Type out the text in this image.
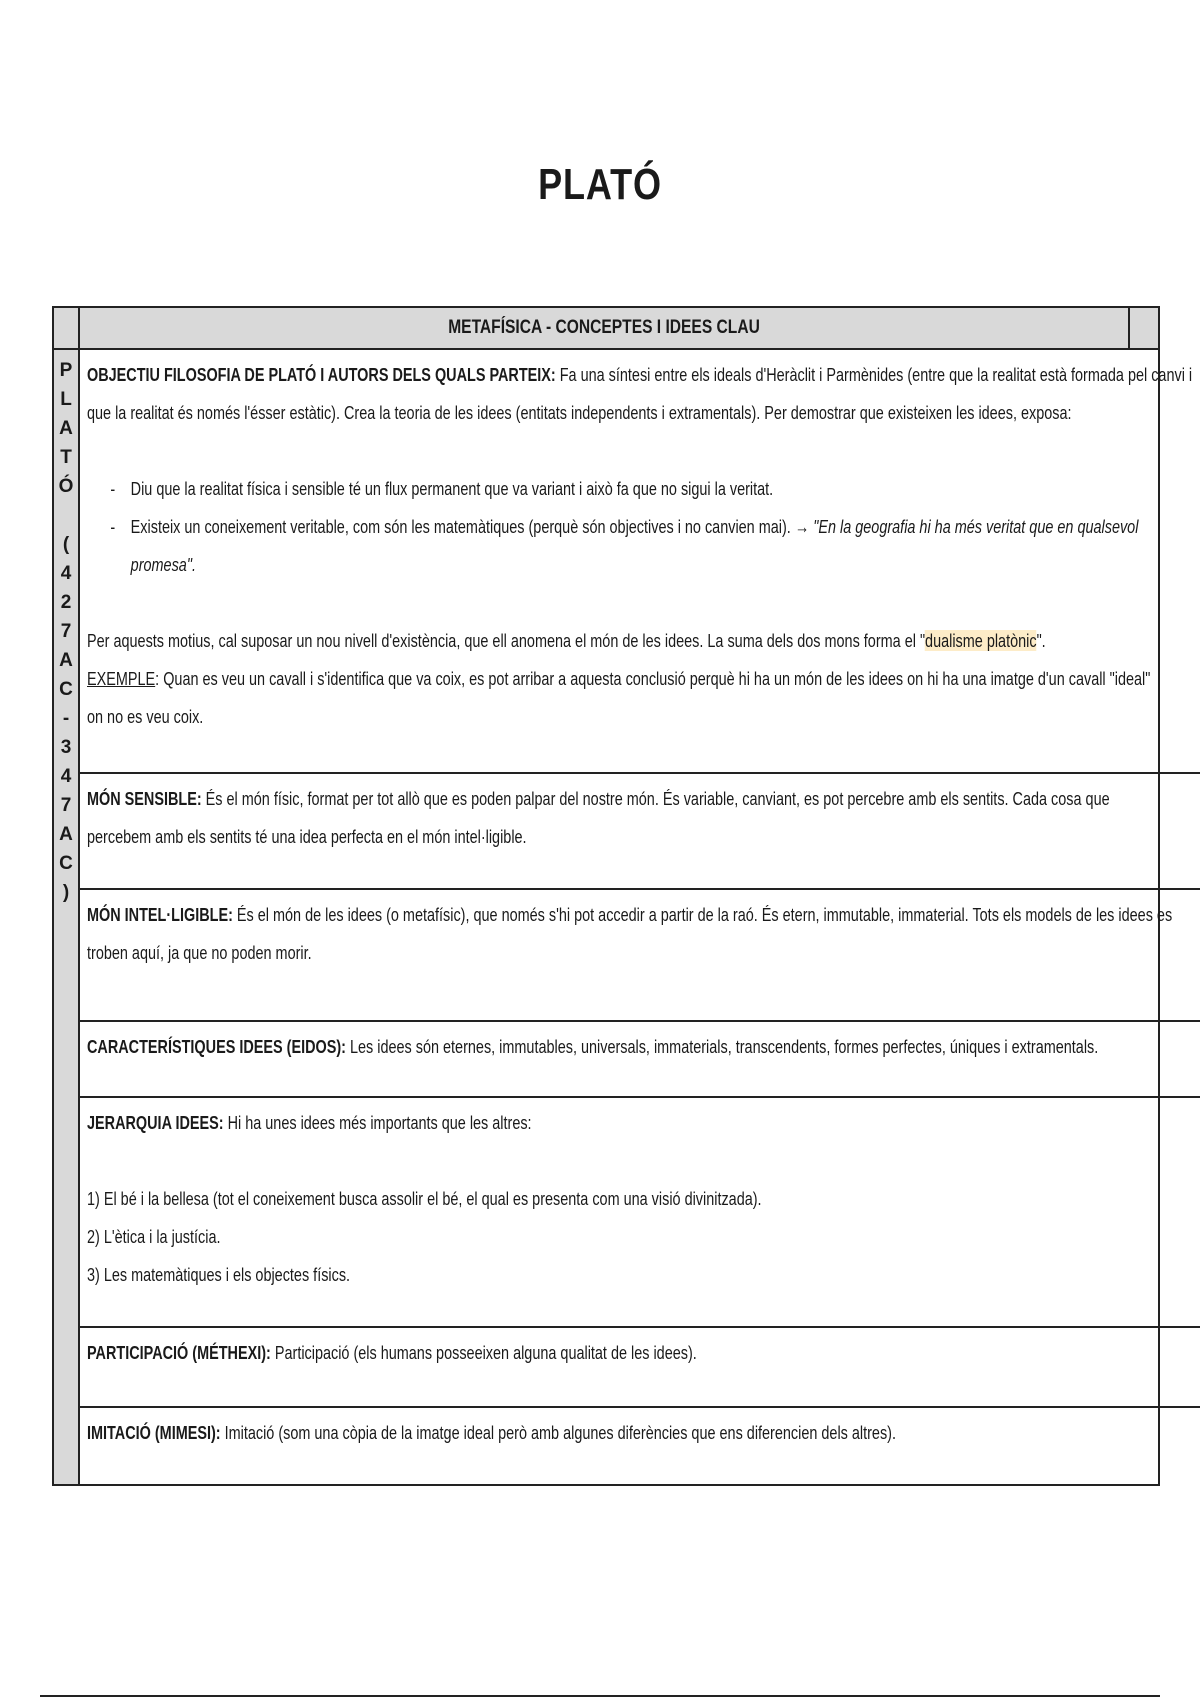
PLATÓ
METAFÍSICA - CONCEPTES I IDEES CLAU
P
L
A
T
Ó
(
4
2
7
A
C
-
3
4
7
A
C
)
OBJECTIU FILOSOFIA DE PLATÓ I AUTORS DELS QUALS PARTEIX: Fa una síntesi entre els ideals d'Heràclit i Parmènides (entre que la realitat està formada pel canvi i
que la realitat és només l'ésser estàtic). Crea la teoria de les idees (entitats independents i extramentals). Per demostrar que existeixen les idees, exposa:
- Diu que la realitat física i sensible té un flux permanent que va variant i això fa que no sigui la veritat.
- Existeix un coneixement veritable, com són les matemàtiques (perquè són objectives i no canvien mai). → "En la geografia hi ha més veritat que en qualsevol
promesa".
Per aquests motius, cal suposar un nou nivell d'existència, que ell anomena el món de les idees. La suma dels dos mons forma el "dualisme platònic".
EXEMPLE: Quan es veu un cavall i s'identifica que va coix, es pot arribar a aquesta conclusió perquè hi ha un món de les idees on hi ha una imatge d'un cavall "ideal"
on no es veu coix.
MÓN SENSIBLE: És el món físic, format per tot allò que es poden palpar del nostre món. És variable, canviant, es pot percebre amb els sentits. Cada cosa que
percebem amb els sentits té una idea perfecta en el món intel·ligible.
MÓN INTEL·LIGIBLE: És el món de les idees (o metafísic), que només s'hi pot accedir a partir de la raó. És etern, immutable, immaterial. Tots els models de les idees es
troben aquí, ja que no poden morir.
CARACTERÍSTIQUES IDEES (EIDOS): Les idees són eternes, immutables, universals, immaterials, transcendents, formes perfectes, úniques i extramentals.
JERARQUIA IDEES: Hi ha unes idees més importants que les altres:
1) El bé i la bellesa (tot el coneixement busca assolir el bé, el qual es presenta com una visió divinitzada).
2) L'ètica i la justícia.
3) Les matemàtiques i els objectes físics.
PARTICIPACIÓ (MÉTHEXI): Participació (els humans posseeixen alguna qualitat de les idees).
IMITACIÓ (MIMESI): Imitació (som una còpia de la imatge ideal però amb algunes diferències que ens diferencien dels altres).
